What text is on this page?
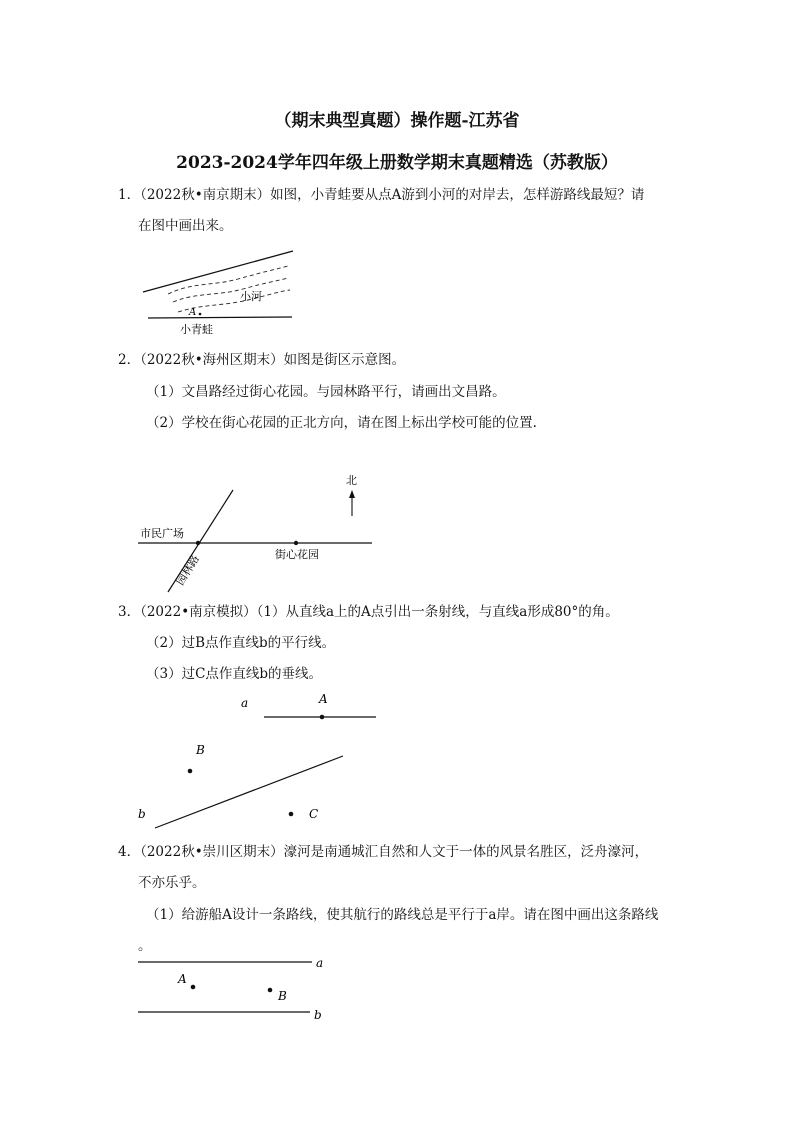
（期末典型真题）操作题-江苏省
2023-2024学年四年级上册数学期末真题精选（苏教版）
1．（2022秋•南京期末）如图，小青蛙要从点A游到小河的对岸去，怎样游路线最短？请
在图中画出来。
小河
A
小青蛙
2．（2022秋•海州区期末）如图是街区示意图。
（1）文昌路经过街心花园。与园林路平行，请画出文昌路。
（2）学校在街心花园的正北方向，请在图上标出学校可能的位置.
北
市民广场
街心花园
园林路
3．（2022•南京模拟）（1）从直线a上的A点引出一条射线，与直线a形成80°的角。
（2）过B点作直线b的平行线。
（3）过C点作直线b的垂线。
a	A
B
b	C
4．（2022秋•崇川区期末）濠河是南通城汇自然和人文于一体的风景名胜区，泛舟濠河，
不亦乐乎。
（1）给游船A设计一条路线，使其航行的路线总是平行于a岸。请在图中画出这条路线
。
a
A
B
b
